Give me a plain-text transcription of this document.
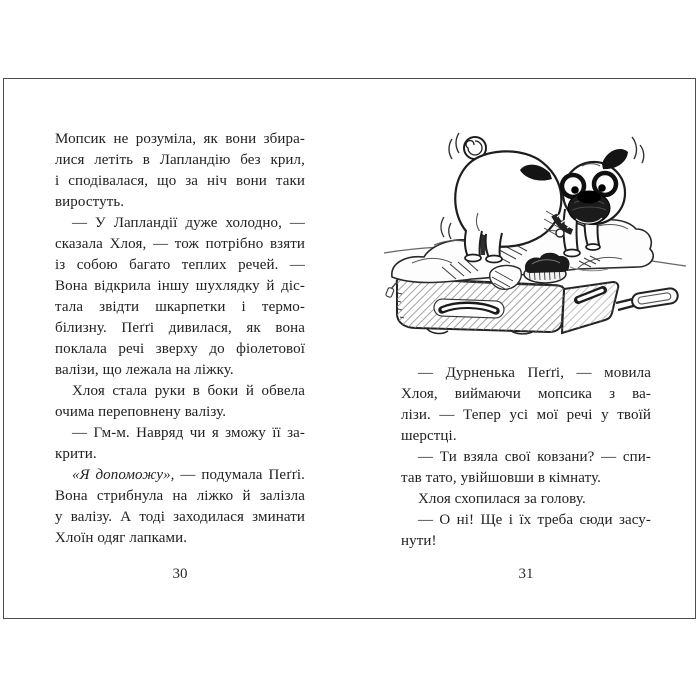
Мопсик не розуміла, як вони збира-
лися летіть в Лапландію без крил,
і сподівалася, що за ніч вони таки
виростуть.
— У Лапландії дуже холодно, —
сказала Хлоя, — тож потрібно взяти
із собою багато теплих речей. —
Вона відкрила іншу шухлядку й діс-
тала звідти шкарпетки і термо-
білизну. Пеґґі дивилася, як вона
поклала речі зверху до фіолетової
валізи, що лежала на ліжку.
Хлоя стала руки в боки й обвела
очима переповнену валізу.
— Гм-м. Навряд чи я зможу її за-
крити.
«Я допоможу», — подумала Пеґґі.
Вона стрибнула на ліжко й залізла
у валізу. А тоді заходилася зминати
Хлоїн одяг лапками.
30
— Дурненька Пеґґі, — мовила
Хлоя, виймаючи мопсика з ва-
лізи. — Тепер усі мої речі у твоїй
шерстці.
— Ти взяла свої ковзани? — спи-
тав тато, увійшовши в кімнату.
Хлоя схопилася за голову.
— О ні! Ще і їх треба сюди засу-
нути!
31
